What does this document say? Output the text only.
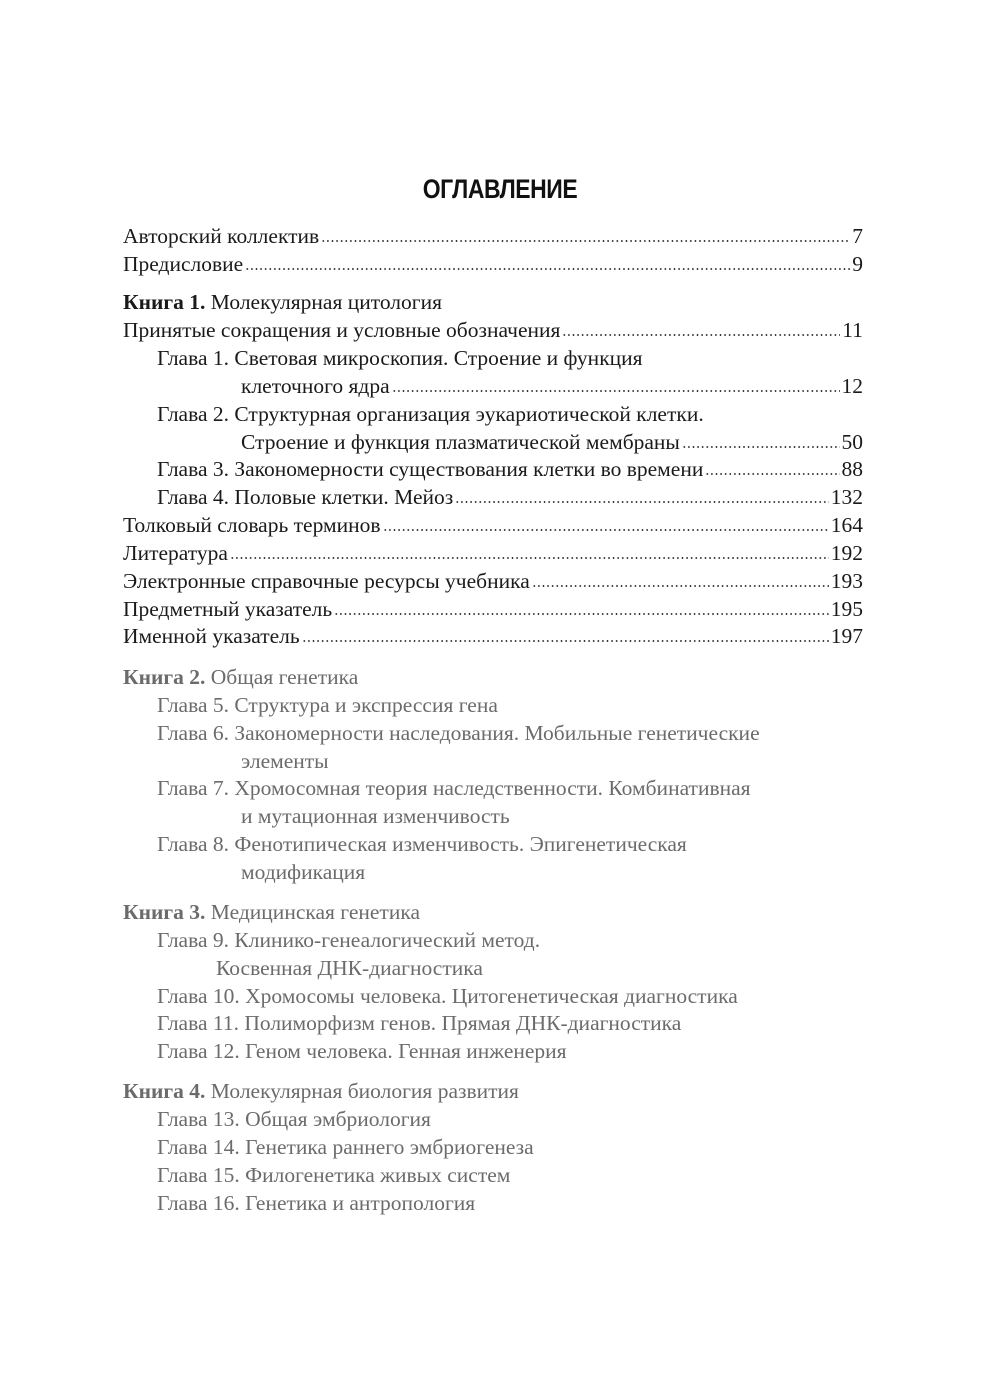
ОГЛАВЛЕНИЕ
Авторский коллектив	7
Предисловие	9
Книга 1. Молекулярная цитология
Принятые сокращения и условные обозначения	11
Глава 1. Световая микроскопия. Строение и функция
клеточного ядра	12
Глава 2. Структурная организация эукариотической клетки.
Строение и функция плазматической мембраны	50
Глава 3. Закономерности существования клетки во времени	88
Глава 4. Половые клетки. Мейоз	132
Толковый словарь терминов	164
Литература	192
Электронные справочные ресурсы учебника	193
Предметный указатель	195
Именной указатель	197
Книга 2. Общая генетика
Глава 5. Структура и экспрессия гена
Глава 6. Закономерности наследования. Мобильные генетические
элементы
Глава 7. Хромосомная теория наследственности. Комбинативная
и мутационная изменчивость
Глава 8. Фенотипическая изменчивость. Эпигенетическая
модификация
Книга 3. Медицинская генетика
Глава 9. Клинико-генеалогический метод.
Косвенная ДНК-диагностика
Глава 10. Хромосомы человека. Цитогенетическая диагностика
Глава 11. Полиморфизм генов. Прямая ДНК-диагностика
Глава 12. Геном человека. Генная инженерия
Книга 4. Молекулярная биология развития
Глава 13. Общая эмбриология
Глава 14. Генетика раннего эмбриогенеза
Глава 15. Филогенетика живых систем
Глава 16. Генетика и антропология
